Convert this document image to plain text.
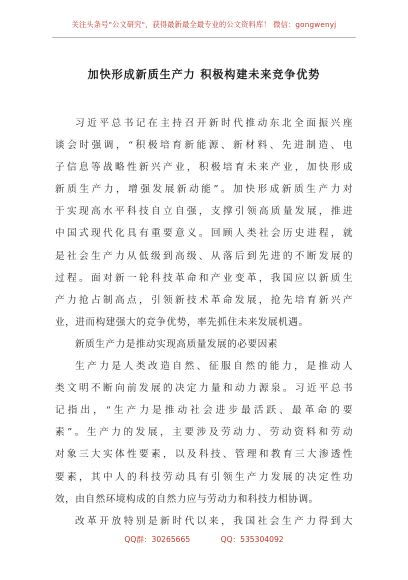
关注头条号"公文研究"，获得最新最全最专业的公文资料库！ 微信：gongwenyj
加快形成新质生产力 积极构建未来竞争优势
习近平总书记在主持召开新时代推动东北全面振兴座
谈会时强调，“积极培育新能源、新材料、先进制造、电
子信息等战略性新兴产业，积极培育未来产业，加快形成
新质生产力，增强发展新动能”。加快形成新质生产力对
于实现高水平科技自立自强，支撑引领高质量发展，推进
中国式现代化具有重要意义。回顾人类社会历史进程，就
是社会生产力从低级到高级、从落后到先进的不断发展的
过程。面对新一轮科技革命和产业变革，我国应以新质生
产力抢占制高点，引领新技术革命发展，抢先培育新兴产
业，进而构建强大的竞争优势，率先抓住未来发展机遇。
新质生产力是推动实现高质量发展的必要因素
生产力是人类改造自然、征服自然的能力，是推动人
类文明不断向前发展的决定力量和动力源泉。习近平总书
记指出，“生产力是推动社会进步最活跃、最革命的要
素”。生产力的发展，主要涉及劳动力、劳动资料和劳动
对象三大实体性要素，以及科技、管理和教育三大渗透性
要素，其中人的科技劳动具有引领生产力发展的决定性功
效，由自然环境构成的自然力应与劳动力和科技力相协调。
改革开放特别是新时代以来，我国社会生产力得到大
QQ群：30265665	QQ：535304092
